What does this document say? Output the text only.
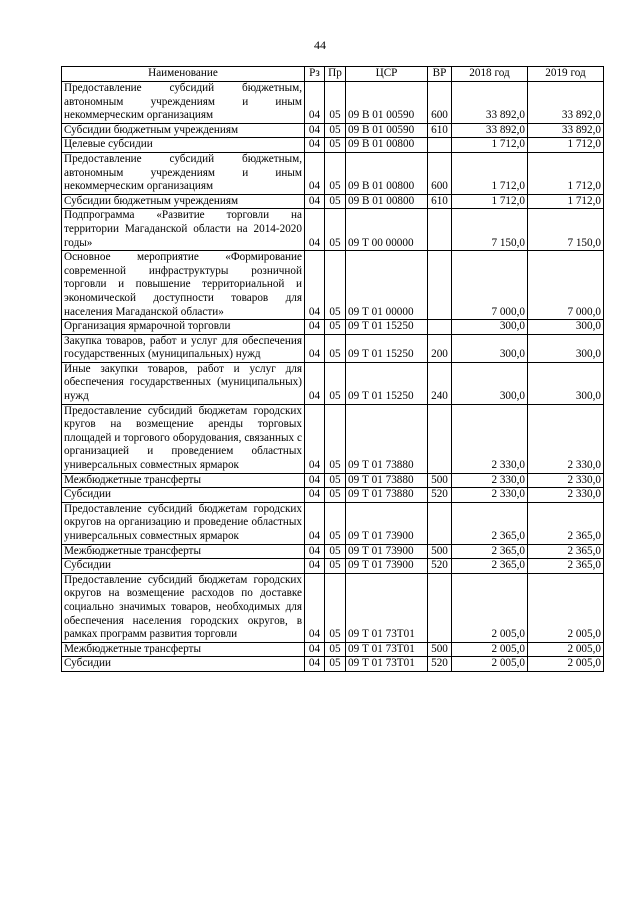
44
Наименование	Рз	Пр	ЦСР	ВР	2018 год	2019 год
Предоставление субсидий бюджетным, автономным учреждениям и иным некоммерческим организациям	04	05	09 В 01 00590	600	33 892,0	33 892,0
Субсидии бюджетным учреждениям	04	05	09 В 01 00590	610	33 892,0	33 892,0
Целевые субсидии	04	05	09 В 01 00800		1 712,0	1 712,0
Предоставление субсидий бюджетным, автономным учреждениям и иным некоммерческим организациям	04	05	09 В 01 00800	600	1 712,0	1 712,0
Субсидии бюджетным учреждениям	04	05	09 В 01 00800	610	1 712,0	1 712,0
Подпрограмма «Развитие торговли на территории Магаданской области на 2014-2020 годы»	04	05	09 Т 00 00000		7 150,0	7 150,0
Основное мероприятие «Формирование современной инфраструктуры розничной торговли и повышение территориальной и экономической доступности товаров для населения Магаданской области»	04	05	09 Т 01 00000		7 000,0	7 000,0
Организация ярмарочной торговли	04	05	09 Т 01 15250		300,0	300,0
Закупка товаров, работ и услуг для обеспечения государственных (муниципальных) нужд	04	05	09 Т 01 15250	200	300,0	300,0
Иные закупки товаров, работ и услуг для обеспечения государственных (муниципальных) нужд	04	05	09 Т 01 15250	240	300,0	300,0
Предоставление субсидий бюджетам городских кругов на возмещение аренды торговых площадей и торгового оборудования, связанных с организацией и проведением областных универсальных совместных ярмарок	04	05	09 Т 01 73880		2 330,0	2 330,0
Межбюджетные трансферты	04	05	09 Т 01 73880	500	2 330,0	2 330,0
Субсидии	04	05	09 Т 01 73880	520	2 330,0	2 330,0
Предоставление субсидий бюджетам городских округов на организацию и проведение областных универсальных совместных ярмарок	04	05	09 Т 01 73900		2 365,0	2 365,0
Межбюджетные трансферты	04	05	09 Т 01 73900	500	2 365,0	2 365,0
Субсидии	04	05	09 Т 01 73900	520	2 365,0	2 365,0
Предоставление субсидий бюджетам городских округов на возмещение расходов по доставке социально значимых товаров, необходимых для обеспечения населения городских округов, в рамках программ развития торговли	04	05	09 Т 01 73Т01		2 005,0	2 005,0
Межбюджетные трансферты	04	05	09 Т 01 73Т01	500	2 005,0	2 005,0
Субсидии	04	05	09 Т 01 73Т01	520	2 005,0	2 005,0
